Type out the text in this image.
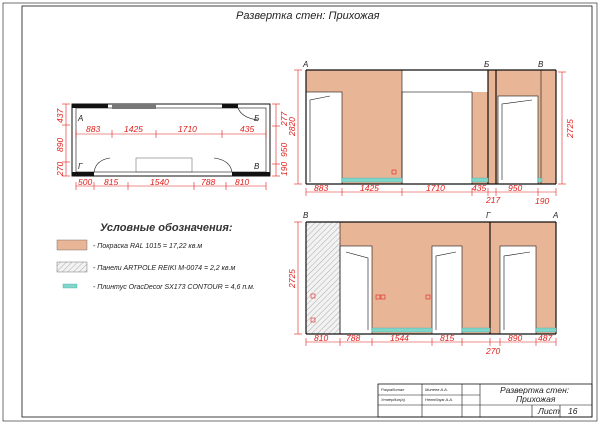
Развертка стен: Прихожая
А	Б
Г	В
883	1425	1710	435
500 815	1540	788 810
437
890
270
277
950
190
А	Б	В
2820	2725
883	1425	1710	435	950
217	190
В	Г	А
2725
810 788	1544	815	890 487
270
Условные обозначения:
- Покраска RAL 1015 = 17,22 кв.м
- Панели ARTPOLE REIKI M-0074 = 2,2 кв.м
- Плинтус OracDecor SX173 CONTOUR = 4,6 п.м.
Разработал	Минеев А.А.
Утвердил(а)	Нелюбаум А.А.
Развертка стен:
Прихожая
Лист 16
